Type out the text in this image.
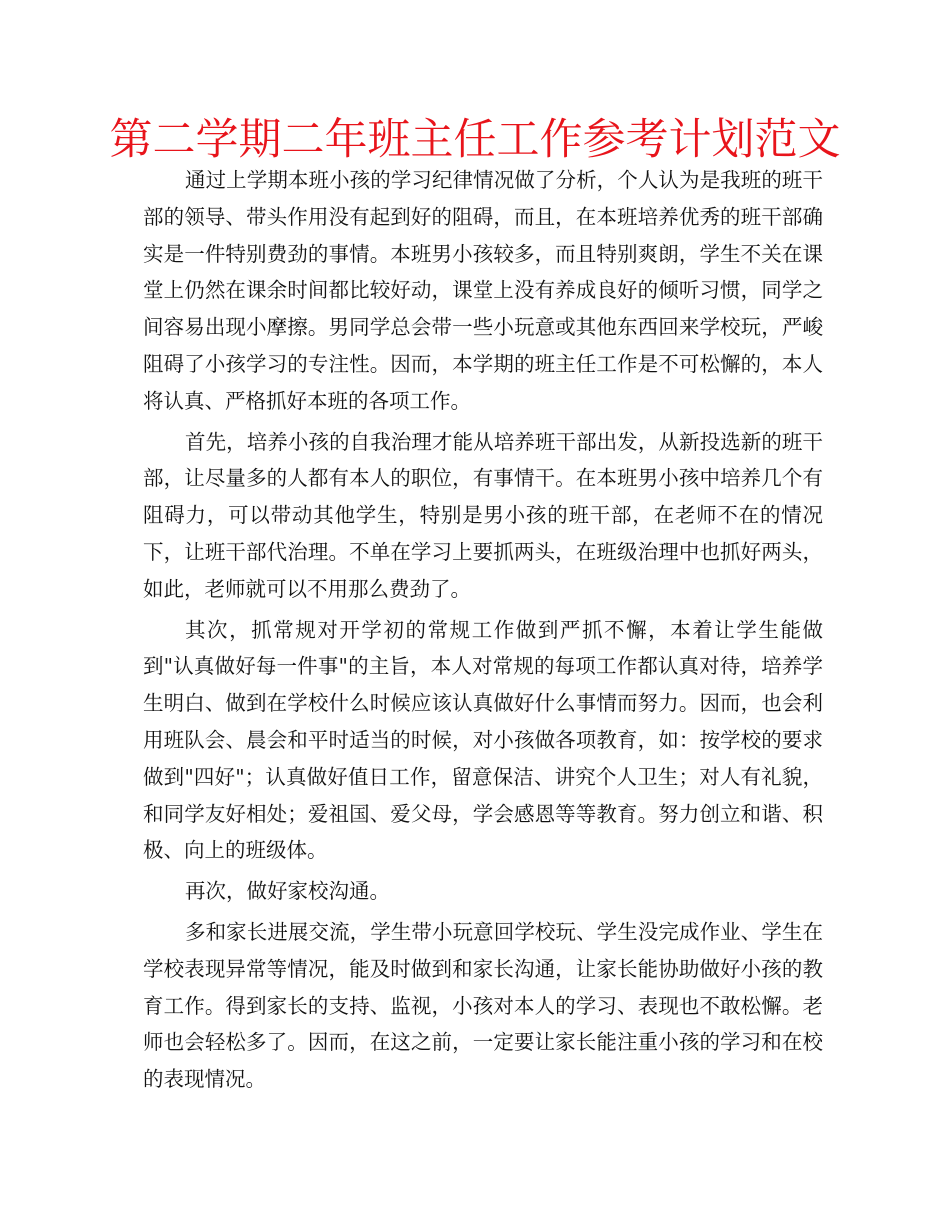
第二学期二年班主任工作参考计划范文

通过上学期本班小孩的学习纪律情况做了分析，个人认为是我班的班干部的领导、带头作用没有起到好的阻碍，而且，在本班培养优秀的班干部确实是一件特别费劲的事情。本班男小孩较多，而且特别爽朗，学生不关在课堂上仍然在课余时间都比较好动，课堂上没有养成良好的倾听习惯，同学之间容易出现小摩擦。男同学总会带一些小玩意或其他东西回来学校玩，严峻阻碍了小孩学习的专注性。因而，本学期的班主任工作是不可松懈的，本人将认真、严格抓好本班的各项工作。

首先，培养小孩的自我治理才能从培养班干部出发，从新投选新的班干部，让尽量多的人都有本人的职位，有事情干。在本班男小孩中培养几个有阻碍力，可以带动其他学生，特别是男小孩的班干部，在老师不在的情况下，让班干部代治理。不单在学习上要抓两头，在班级治理中也抓好两头，如此，老师就可以不用那么费劲了。

其次，抓常规对开学初的常规工作做到严抓不懈，本着让学生能做到"认真做好每一件事"的主旨，本人对常规的每项工作都认真对待，培养学生明白、做到在学校什么时候应该认真做好什么事情而努力。因而，也会利用班队会、晨会和平时适当的时候，对小孩做各项教育，如：按学校的要求做到"四好"；认真做好值日工作，留意保洁、讲究个人卫生；对人有礼貌，和同学友好相处；爱祖国、爱父母，学会感恩等等教育。努力创立和谐、积极、向上的班级体。

再次，做好家校沟通。

多和家长进展交流，学生带小玩意回学校玩、学生没完成作业、学生在学校表现异常等情况，能及时做到和家长沟通，让家长能协助做好小孩的教育工作。得到家长的支持、监视，小孩对本人的学习、表现也不敢松懈。老师也会轻松多了。因而，在这之前，一定要让家长能注重小孩的学习和在校的表现情况。
